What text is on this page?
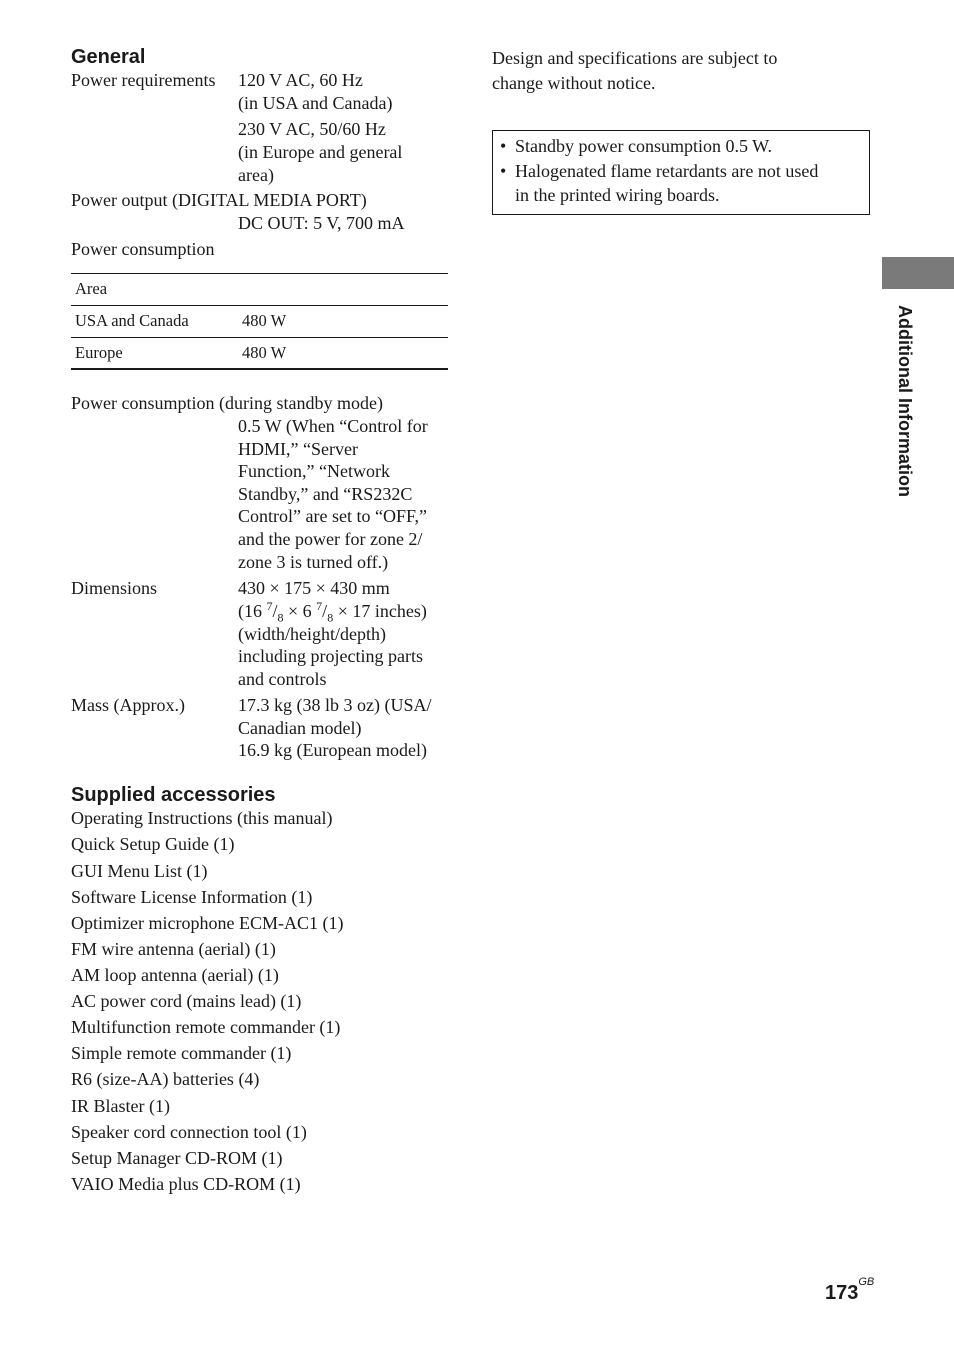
General
Power requirements 120 V AC, 60 Hz
(in USA and Canada)
230 V AC, 50/60 Hz
(in Europe and general
area)
Power output (DIGITAL MEDIA PORT)
DC OUT: 5 V, 700 mA
Power consumption
Area
USA and Canada	480 W
Europe	480 W
Power consumption (during standby mode)
0.5 W (When “Control for
HDMI,” “Server
Function,” “Network
Standby,” and “RS232C
Control” are set to “OFF,”
and the power for zone 2/
zone 3 is turned off.)
Dimensions	430 × 175 × 430 mm
(16 $^7/_8 \times 6$ $^7/_8 \times 17$ inches)
(width/height/depth)
including projecting parts
and controls
Mass (Approx.)	17.3 kg (38 lb 3 oz) (USA/
Canadian model)
16.9 kg (European model)
Supplied accessories
Operating Instructions (this manual)
Quick Setup Guide (1)
GUI Menu List (1)
Software License Information (1)
Optimizer microphone ECM-AC1 (1)
FM wire antenna (aerial) (1)
AM loop antenna (aerial) (1)
AC power cord (mains lead) (1)
Multifunction remote commander (1)
Simple remote commander (1)
R6 (size-AA) batteries (4)
IR Blaster (1)
Speaker cord connection tool (1)
Setup Manager CD-ROM (1)
VAIO Media plus CD-ROM (1)
Design and specifications are subject to
change without notice.
• Standby power consumption 0.5 W.
• Halogenated flame retardants are not used
in the printed wiring boards.
Additional Information
$173^{GB}$
